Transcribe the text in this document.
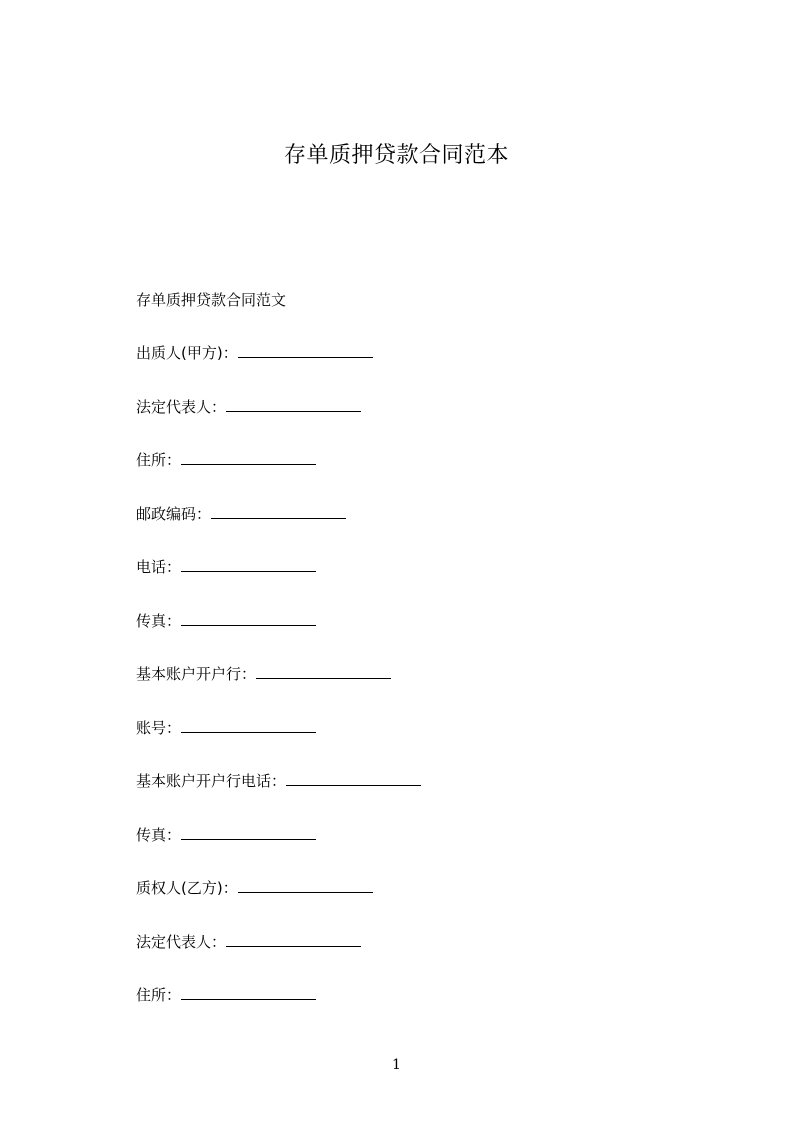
存单质押贷款合同范本
存单质押贷款合同范文
出质人(甲方)：
法定代表人：
住所：
邮政编码：
电话：
传真：
基本账户开户行：
账号：
基本账户开户行电话：
传真：
质权人(乙方)：
法定代表人：
住所：
1
